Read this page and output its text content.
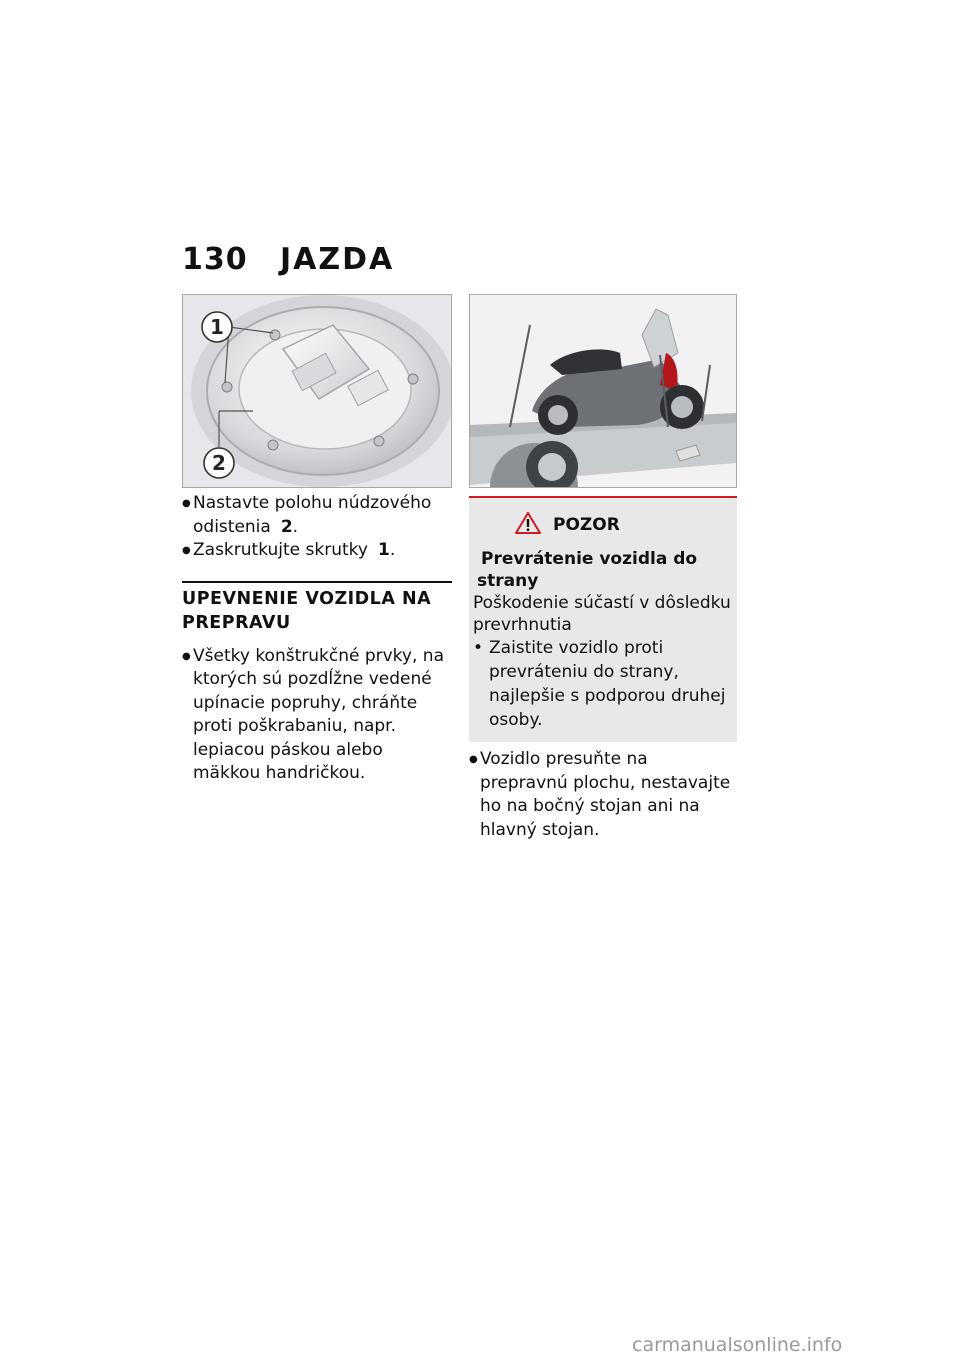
130	JAZDA
1
2
● Nastavte polohu núdzového odistenia 2.
● Zaskrutkujte skrutky 1.
UPEVNENIE VOZIDLA NA PREPRAVU
● Všetky konštrukčné prvky, na ktorých sú pozdĺžne vedené upínacie popruhy, chráňte proti poškrabaniu, napr. lepiacou páskou alebo mäkkou handričkou.
POZOR
Prevrátenie vozidla do
strany
Poškodenie súčastí v dôsledku prevrhnutia
• Zaistite vozidlo proti prevráteniu do strany, najlepšie s podporou druhej osoby.
● Vozidlo presuňte na prepravnú plochu, nestavajte ho na bočný stojan ani na hlavný stojan.
carmanualsonline.info
